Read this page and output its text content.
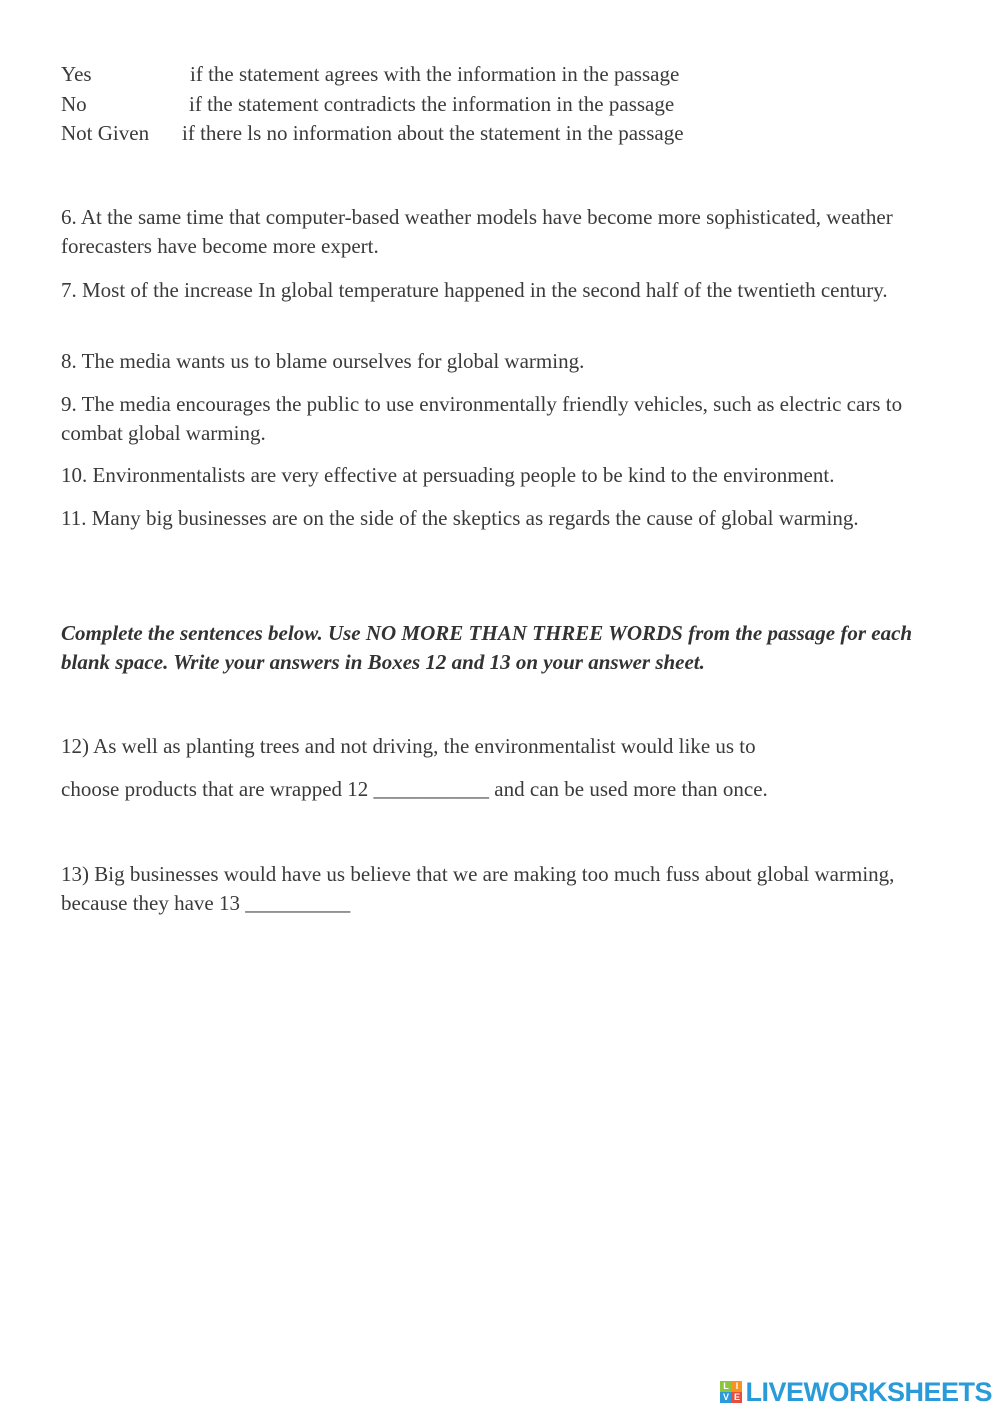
Yes	if the statement agrees with the information in the passage
No	if the statement contradicts the information in the passage
Not Given if there ls no information about the statement in the passage

6. At the same time that computer-based weather models have become more sophisticated, weather forecasters have become more expert.

7. Most of the increase In global temperature happened in the second half of the twentieth century.

8. The media wants us to blame ourselves for global warming.

9. The media encourages the public to use environmentally friendly vehicles, such as electric cars to combat global warming.

10. Environmentalists are very effective at persuading people to be kind to the environment.

11. Many big businesses are on the side of the skeptics as regards the cause of global warming.

Complete the sentences below. Use NO MORE THAN THREE WORDS from the passage for each blank space. Write your answers in Boxes 12 and 13 on your answer sheet.

12) As well as planting trees and not driving, the environmentalist would like us to
choose products that are wrapped 12 ___________ and can be used more than once.

13) Big businesses would have us believe that we are making too much fuss about global warming, because they have 13 __________

L I
V E LIVEWORKSHEETS
